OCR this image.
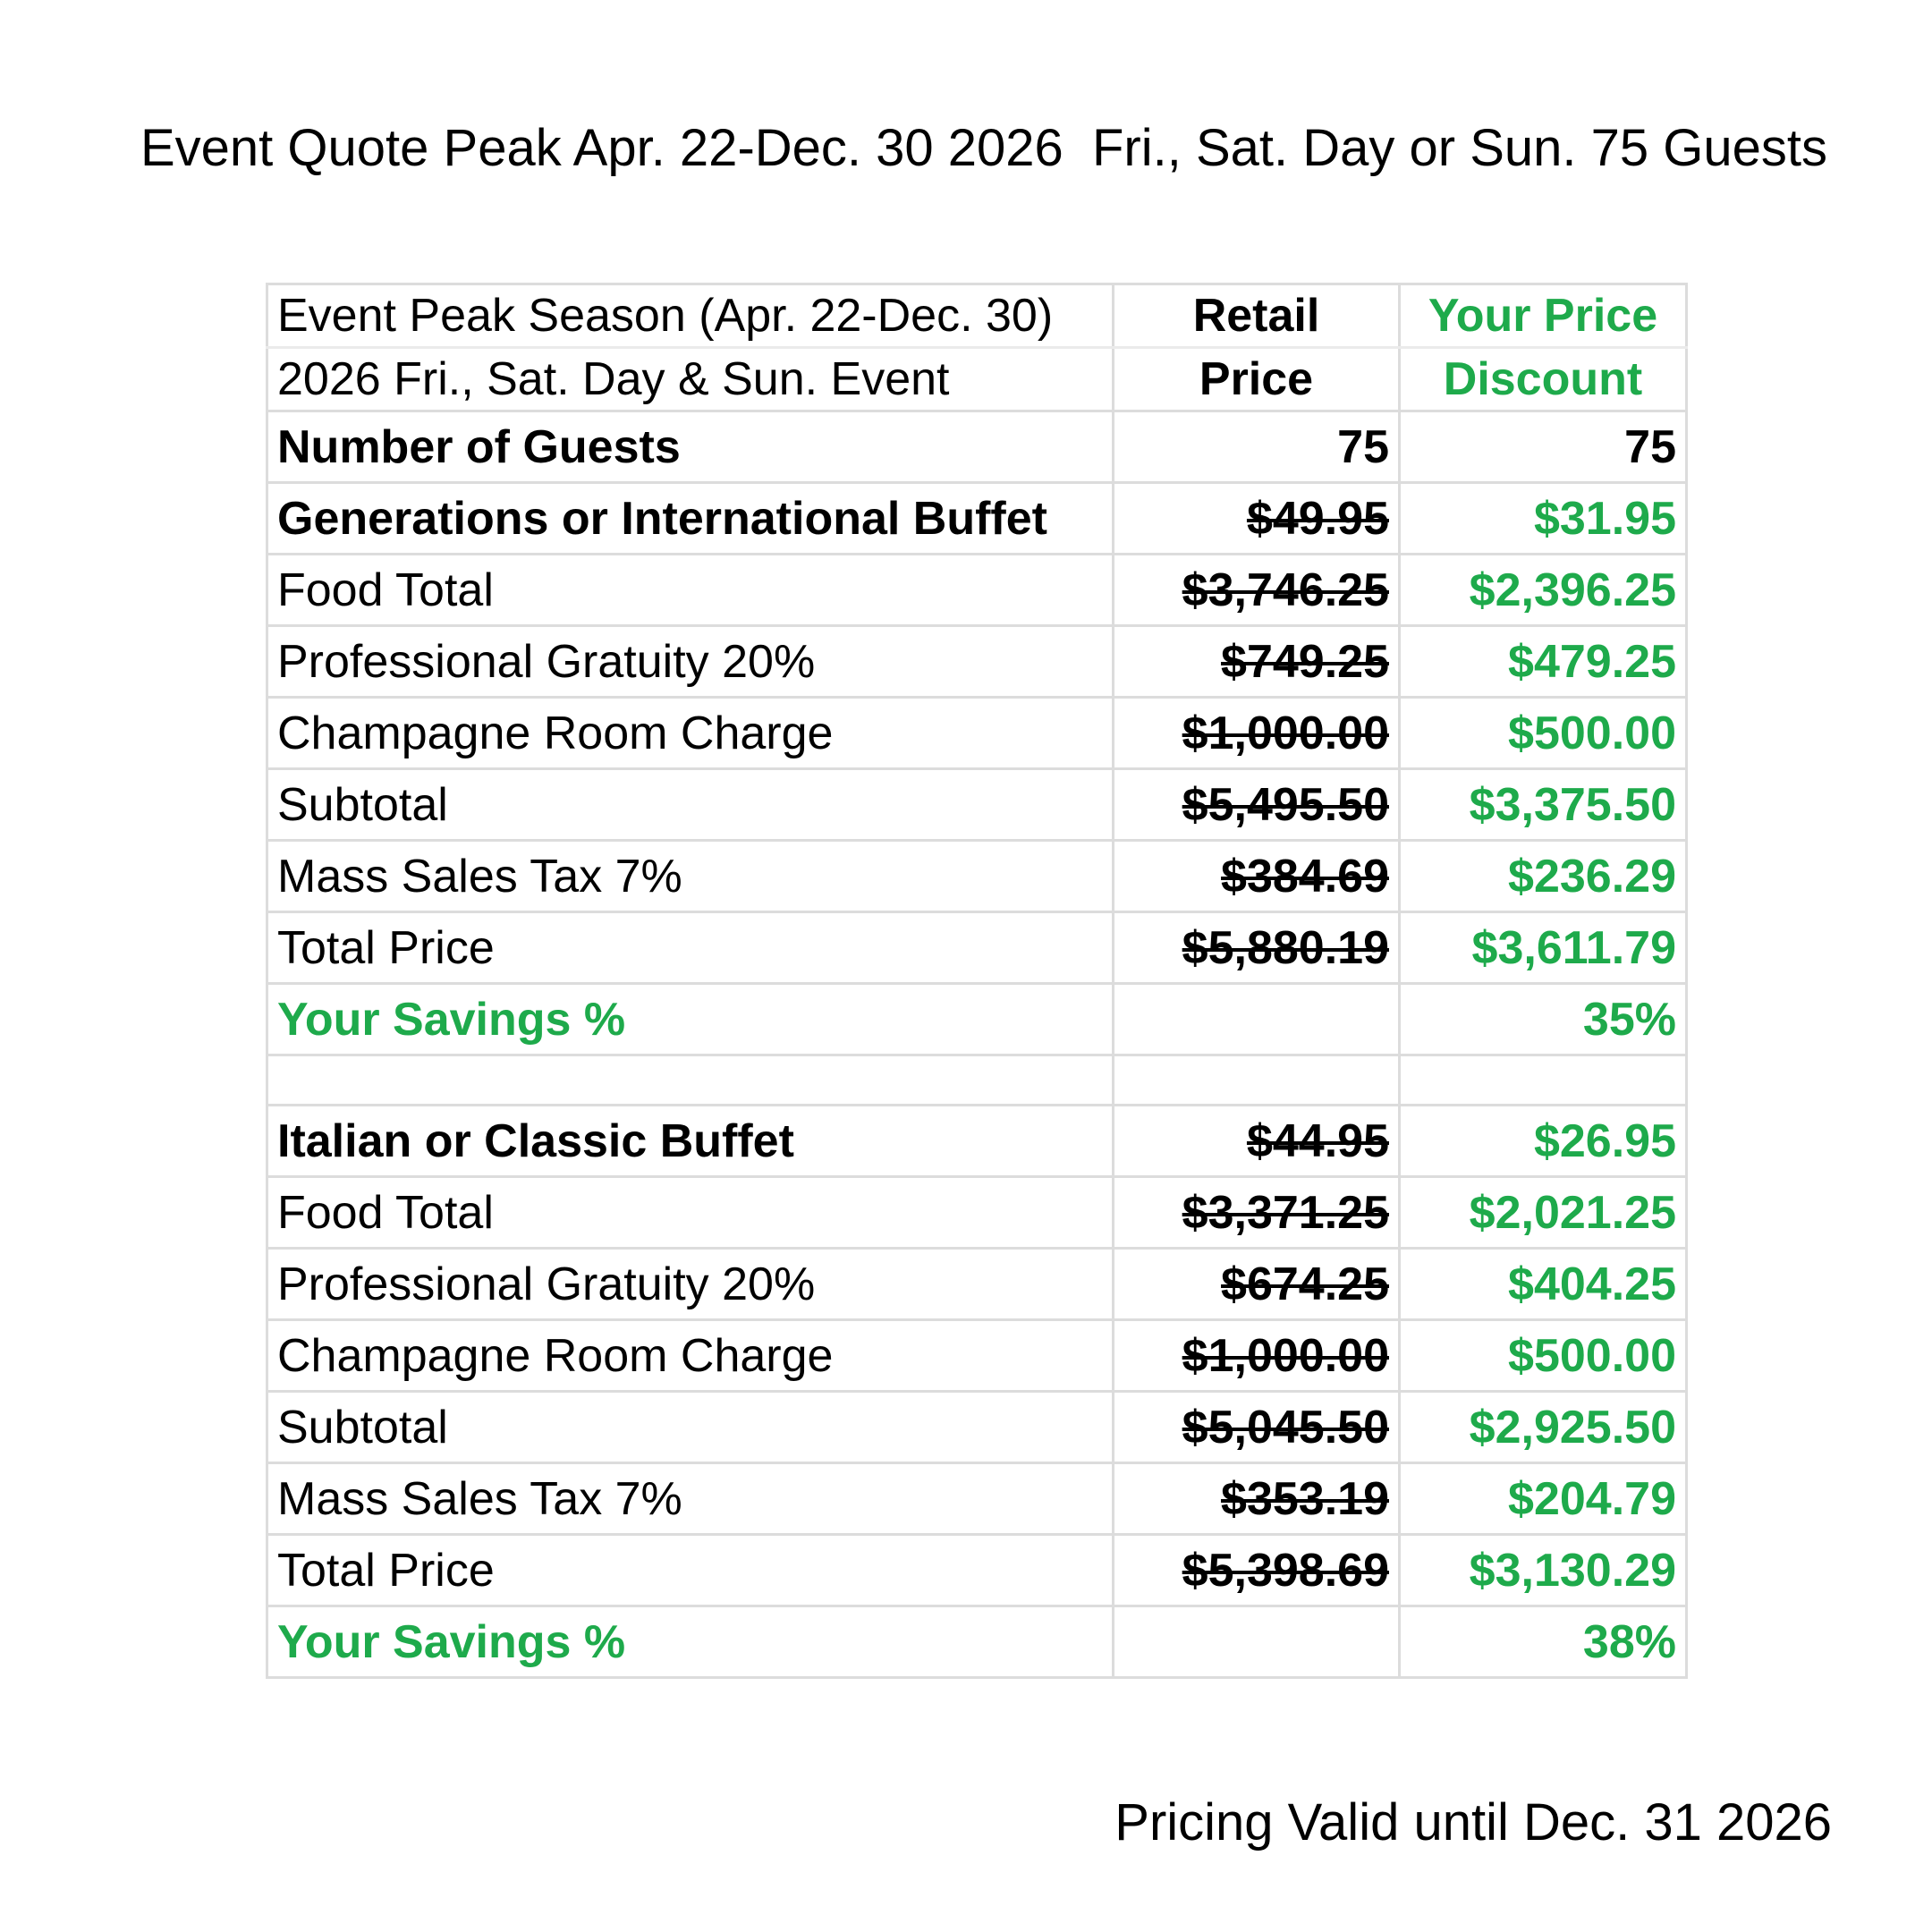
Event Quote Peak Apr. 22-Dec. 30 2026  Fri., Sat. Day or Sun. 75 Guests
Event Peak Season (Apr. 22-Dec. 30)	Retail	Your Price
2026 Fri., Sat. Day & Sun. Event	Price	Discount
Number of Guests	75	75
Generations or International Buffet	$49.95	$31.95
Food Total	$3,746.25	$2,396.25
Professional Gratuity 20%	$749.25	$479.25
Champagne Room Charge	$1,000.00	$500.00
Subtotal	$5,495.50	$3,375.50
Mass Sales Tax 7%	$384.69	$236.29
Total Price	$5,880.19	$3,611.79
Your Savings %		35%

Italian or Classic Buffet	$44.95	$26.95
Food Total	$3,371.25	$2,021.25
Professional Gratuity 20%	$674.25	$404.25
Champagne Room Charge	$1,000.00	$500.00
Subtotal	$5,045.50	$2,925.50
Mass Sales Tax 7%	$353.19	$204.79
Total Price	$5,398.69	$3,130.29
Your Savings %		38%
Pricing Valid until Dec. 31 2026
